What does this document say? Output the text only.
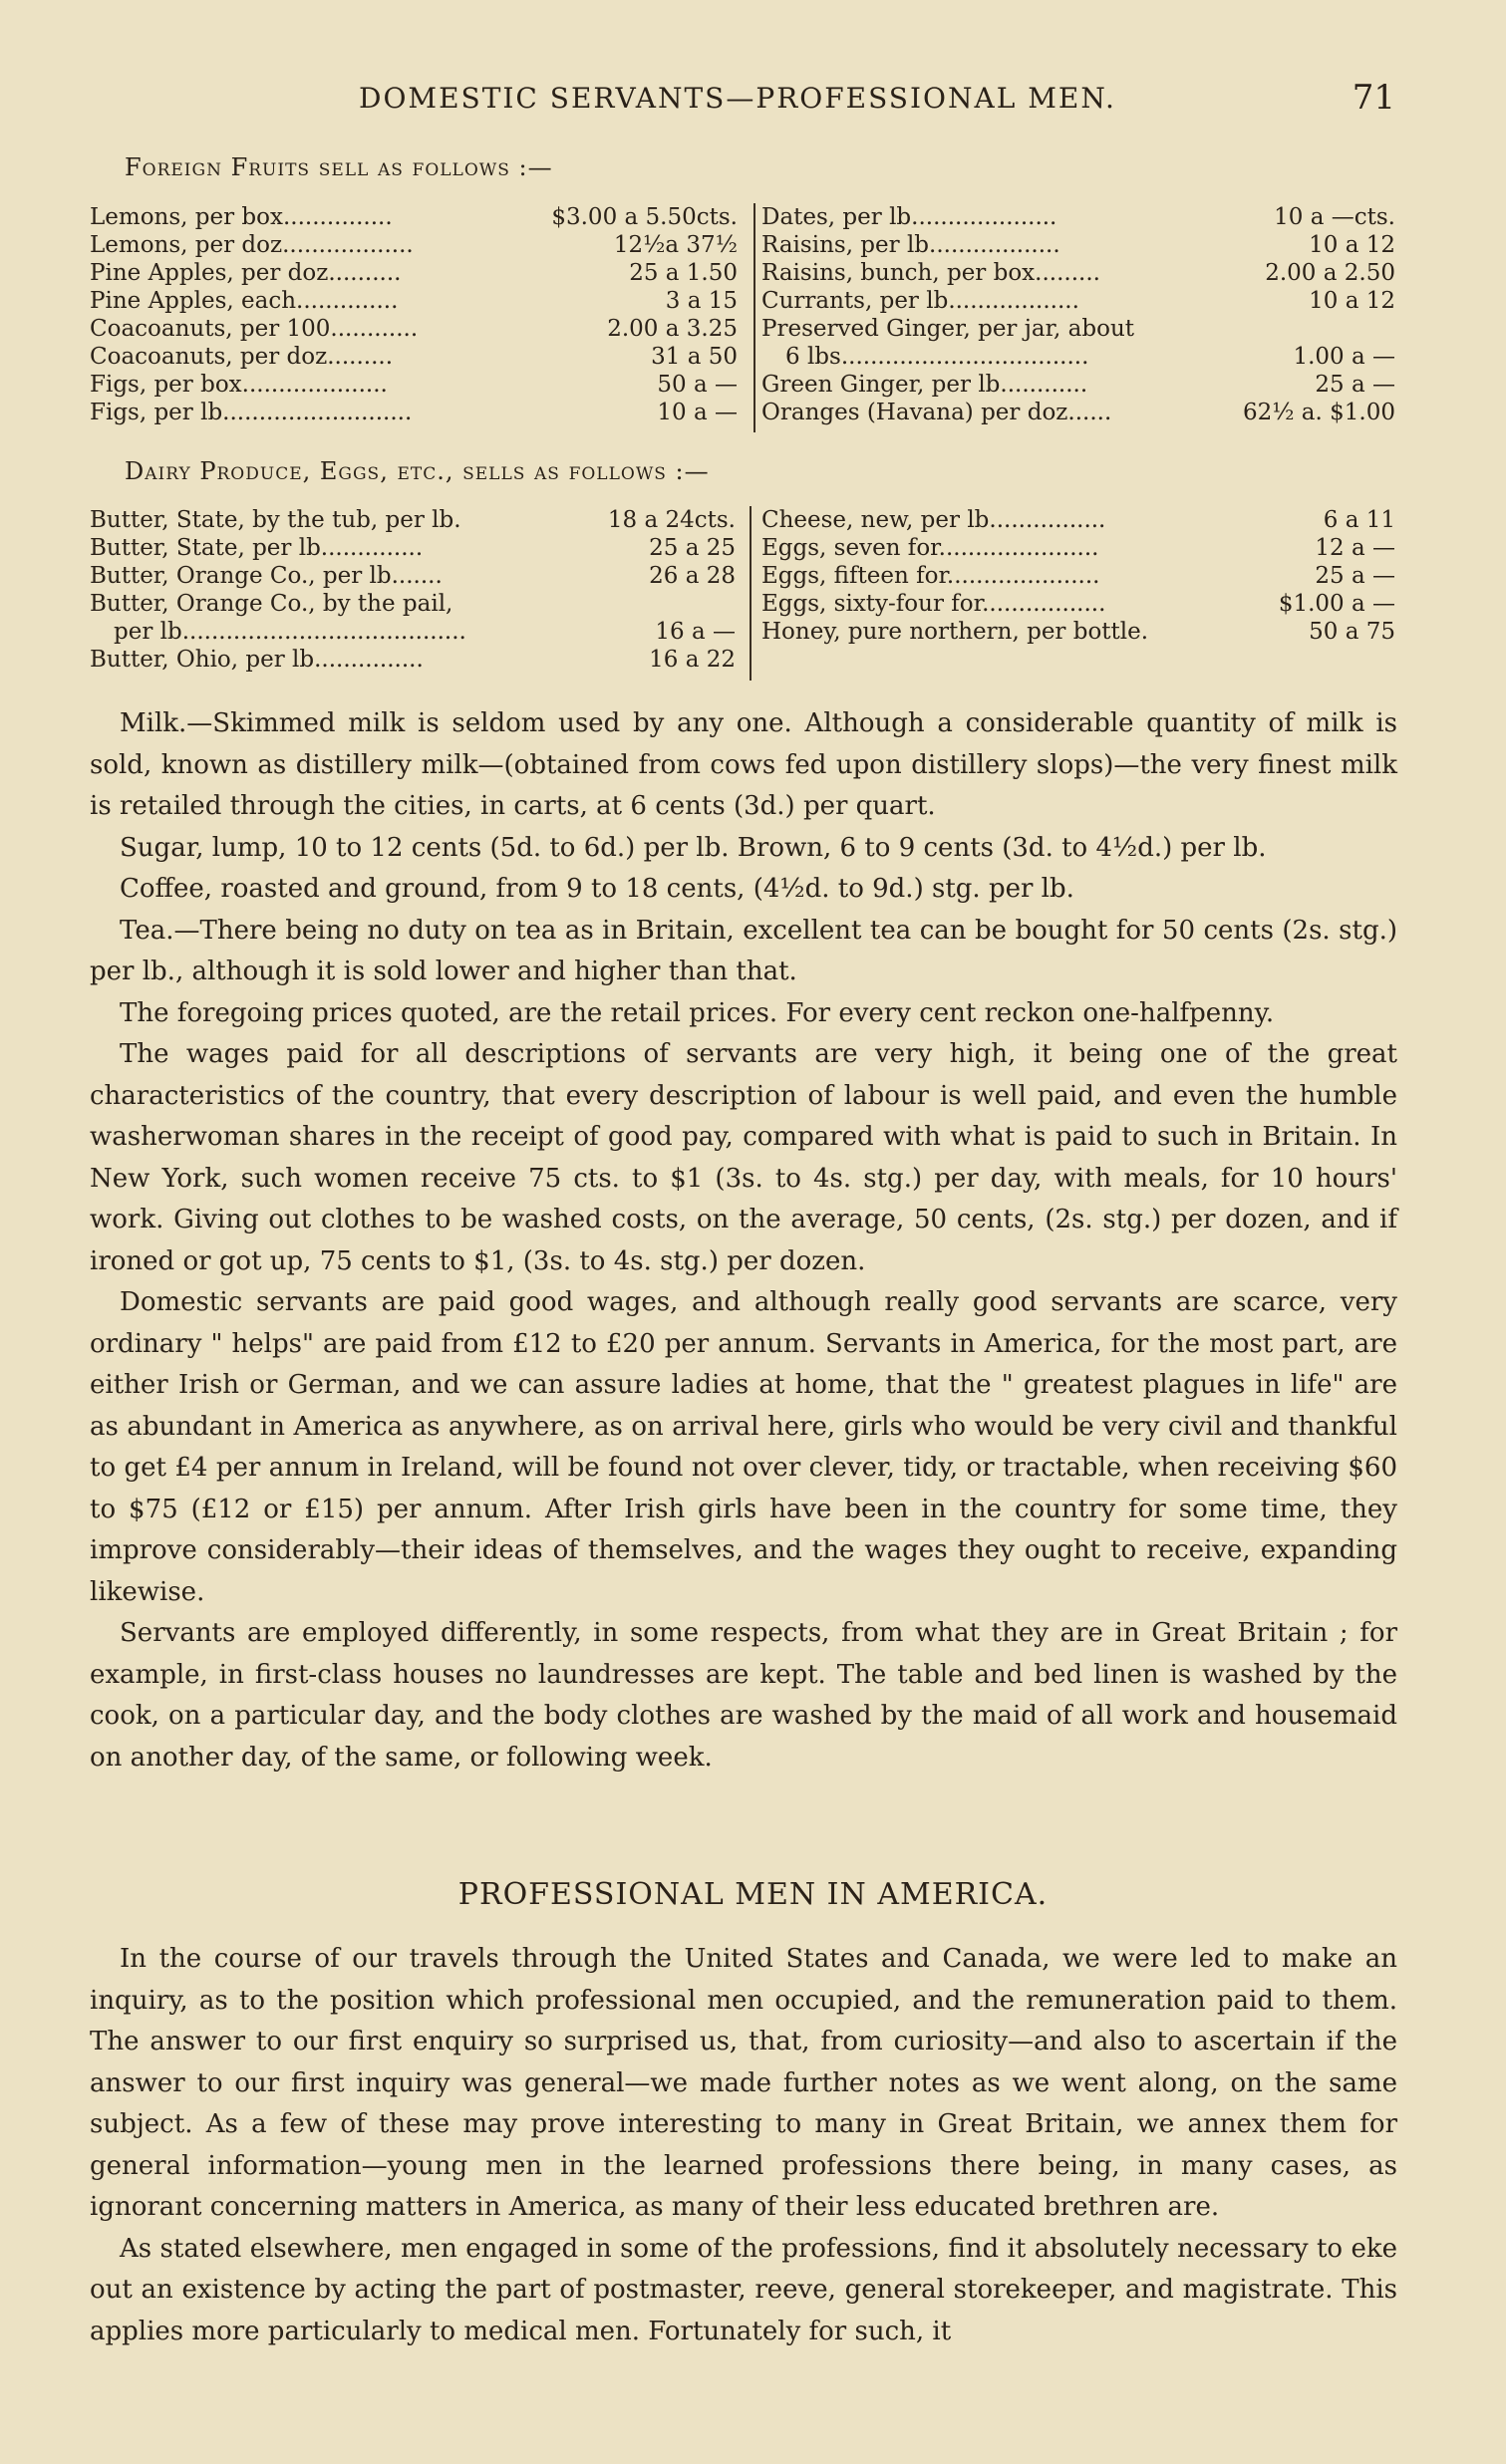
DOMESTIC SERVANTS—PROFESSIONAL MEN.	71
Foreign Fruits sell as follows :—
Lemons, per box...............	$3.00 a 5.50cts.
Lemons, per doz..................	12½a 37½
Pine Apples, per doz..........	25 a 1.50
Pine Apples, each..............	3 a 15
Coacoanuts, per 100............	2.00 a 3.25
Coacoanuts, per doz.........	31 a 50
Figs, per box....................	50 a —
Figs, per lb..........................	10 a —
Dates, per lb....................	10 a —cts.
Raisins, per lb..................	10 a 12
Raisins, bunch, per box.........	2.00 a 2.50
Currants, per lb..................	10 a 12
Preserved Ginger, per jar, about
6 lbs..................................	1.00 a —
Green Ginger, per lb............	25 a —
Oranges (Havana) per doz......	62½ a. $1.00
Dairy Produce, Eggs, etc., sells as follows :—
Butter, State, by the tub, per lb.	18 a 24cts.
Butter, State, per lb..............	25 a 25
Butter, Orange Co., per lb.......	26 a 28
Butter, Orange Co., by the pail,
per lb.......................................	16 a —
Butter, Ohio, per lb...............	16 a 22
Cheese, new, per lb................	6 a 11
Eggs, seven for......................	12 a —
Eggs, fifteen for.....................	25 a —
Eggs, sixty-four for.................	$1.00 a —
Honey, pure northern, per bottle.	50 a 75

Milk.—Skimmed milk is seldom used by any one. Although a considerable quantity of milk is sold, known as distillery milk—(obtained from cows fed upon distillery slops)—the very finest milk is retailed through the cities, in carts, at 6 cents (3d.) per quart.

Sugar, lump, 10 to 12 cents (5d. to 6d.) per lb. Brown, 6 to 9 cents (3d. to 4½d.) per lb.

Coffee, roasted and ground, from 9 to 18 cents, (4½d. to 9d.) stg. per lb.

Tea.—There being no duty on tea as in Britain, excellent tea can be bought for 50 cents (2s. stg.) per lb., although it is sold lower and higher than that.

The foregoing prices quoted, are the retail prices. For every cent reckon one-halfpenny.

The wages paid for all descriptions of servants are very high, it being one of the great characteristics of the country, that every description of labour is well paid, and even the humble washerwoman shares in the receipt of good pay, compared with what is paid to such in Britain. In New York, such women receive 75 cts. to $1 (3s. to 4s. stg.) per day, with meals, for 10 hours' work. Giving out clothes to be washed costs, on the average, 50 cents, (2s. stg.) per dozen, and if ironed or got up, 75 cents to $1, (3s. to 4s. stg.) per dozen.

Domestic servants are paid good wages, and although really good servants are scarce, very ordinary " helps" are paid from £12 to £20 per annum. Servants in America, for the most part, are either Irish or German, and we can assure ladies at home, that the " greatest plagues in life" are as abundant in America as anywhere, as on arrival here, girls who would be very civil and thankful to get £4 per annum in Ireland, will be found not over clever, tidy, or tractable, when receiving $60 to $75 (£12 or £15) per annum. After Irish girls have been in the country for some time, they improve considerably—their ideas of themselves, and the wages they ought to receive, expanding likewise.

Servants are employed differently, in some respects, from what they are in Great Britain ; for example, in first-class houses no laundresses are kept. The table and bed linen is washed by the cook, on a particular day, and the body clothes are washed by the maid of all work and housemaid on another day, of the same, or following week.

PROFESSIONAL MEN IN AMERICA.

In the course of our travels through the United States and Canada, we were led to make an inquiry, as to the position which professional men occupied, and the remuneration paid to them. The answer to our first enquiry so surprised us, that, from curiosity—and also to ascertain if the answer to our first inquiry was general—we made further notes as we went along, on the same subject. As a few of these may prove interesting to many in Great Britain, we annex them for general information—young men in the learned professions there being, in many cases, as ignorant concerning matters in America, as many of their less educated brethren are.

As stated elsewhere, men engaged in some of the professions, find it absolutely necessary to eke out an existence by acting the part of postmaster, reeve, general storekeeper, and magistrate. This applies more particularly to medical men. Fortunately for such, it
